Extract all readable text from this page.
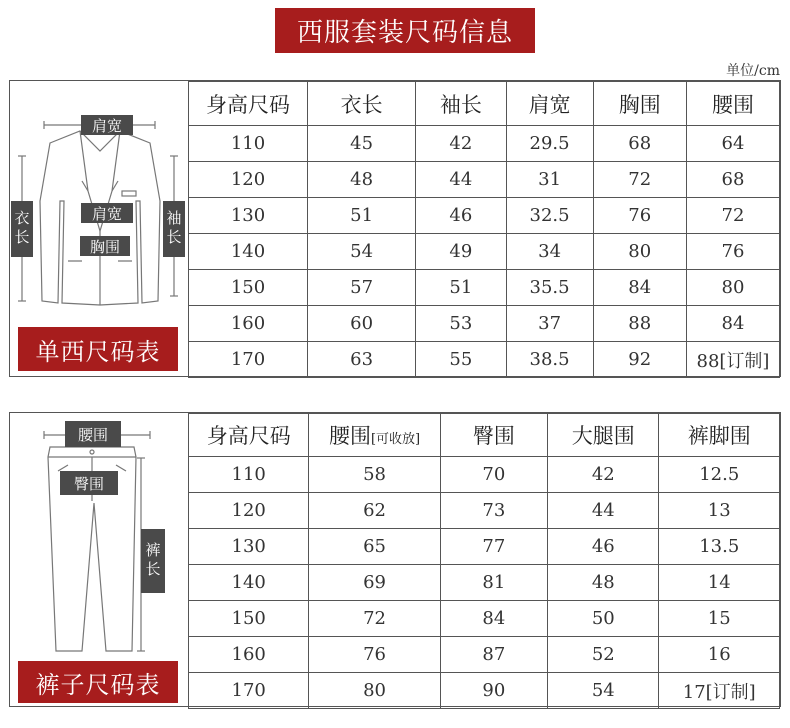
西服套装尺码信息
单位/cm
肩宽
肩宽
胸围
衣长	袖长
单西尺码表
身高尺码	衣长	袖长	肩宽	胸围	腰围
110	45	42	29.5	68	64
120	48	44	31	72	68
130	51	46	32.5	76	72
140	54	49	34	80	76
150	57	51	35.5	84	80
160	60	53	37	88	84
170	63	55	38.5	92	88[订制]
腰围
臀围
裤长
裤子尺码表
身高尺码	腰围[可收放]	臀围	大腿围	裤脚围
110	58	70	42	12.5
120	62	73	44	13
130	65	77	46	13.5
140	69	81	48	14
150	72	84	50	15
160	76	87	52	16
170	80	90	54	17[订制]
